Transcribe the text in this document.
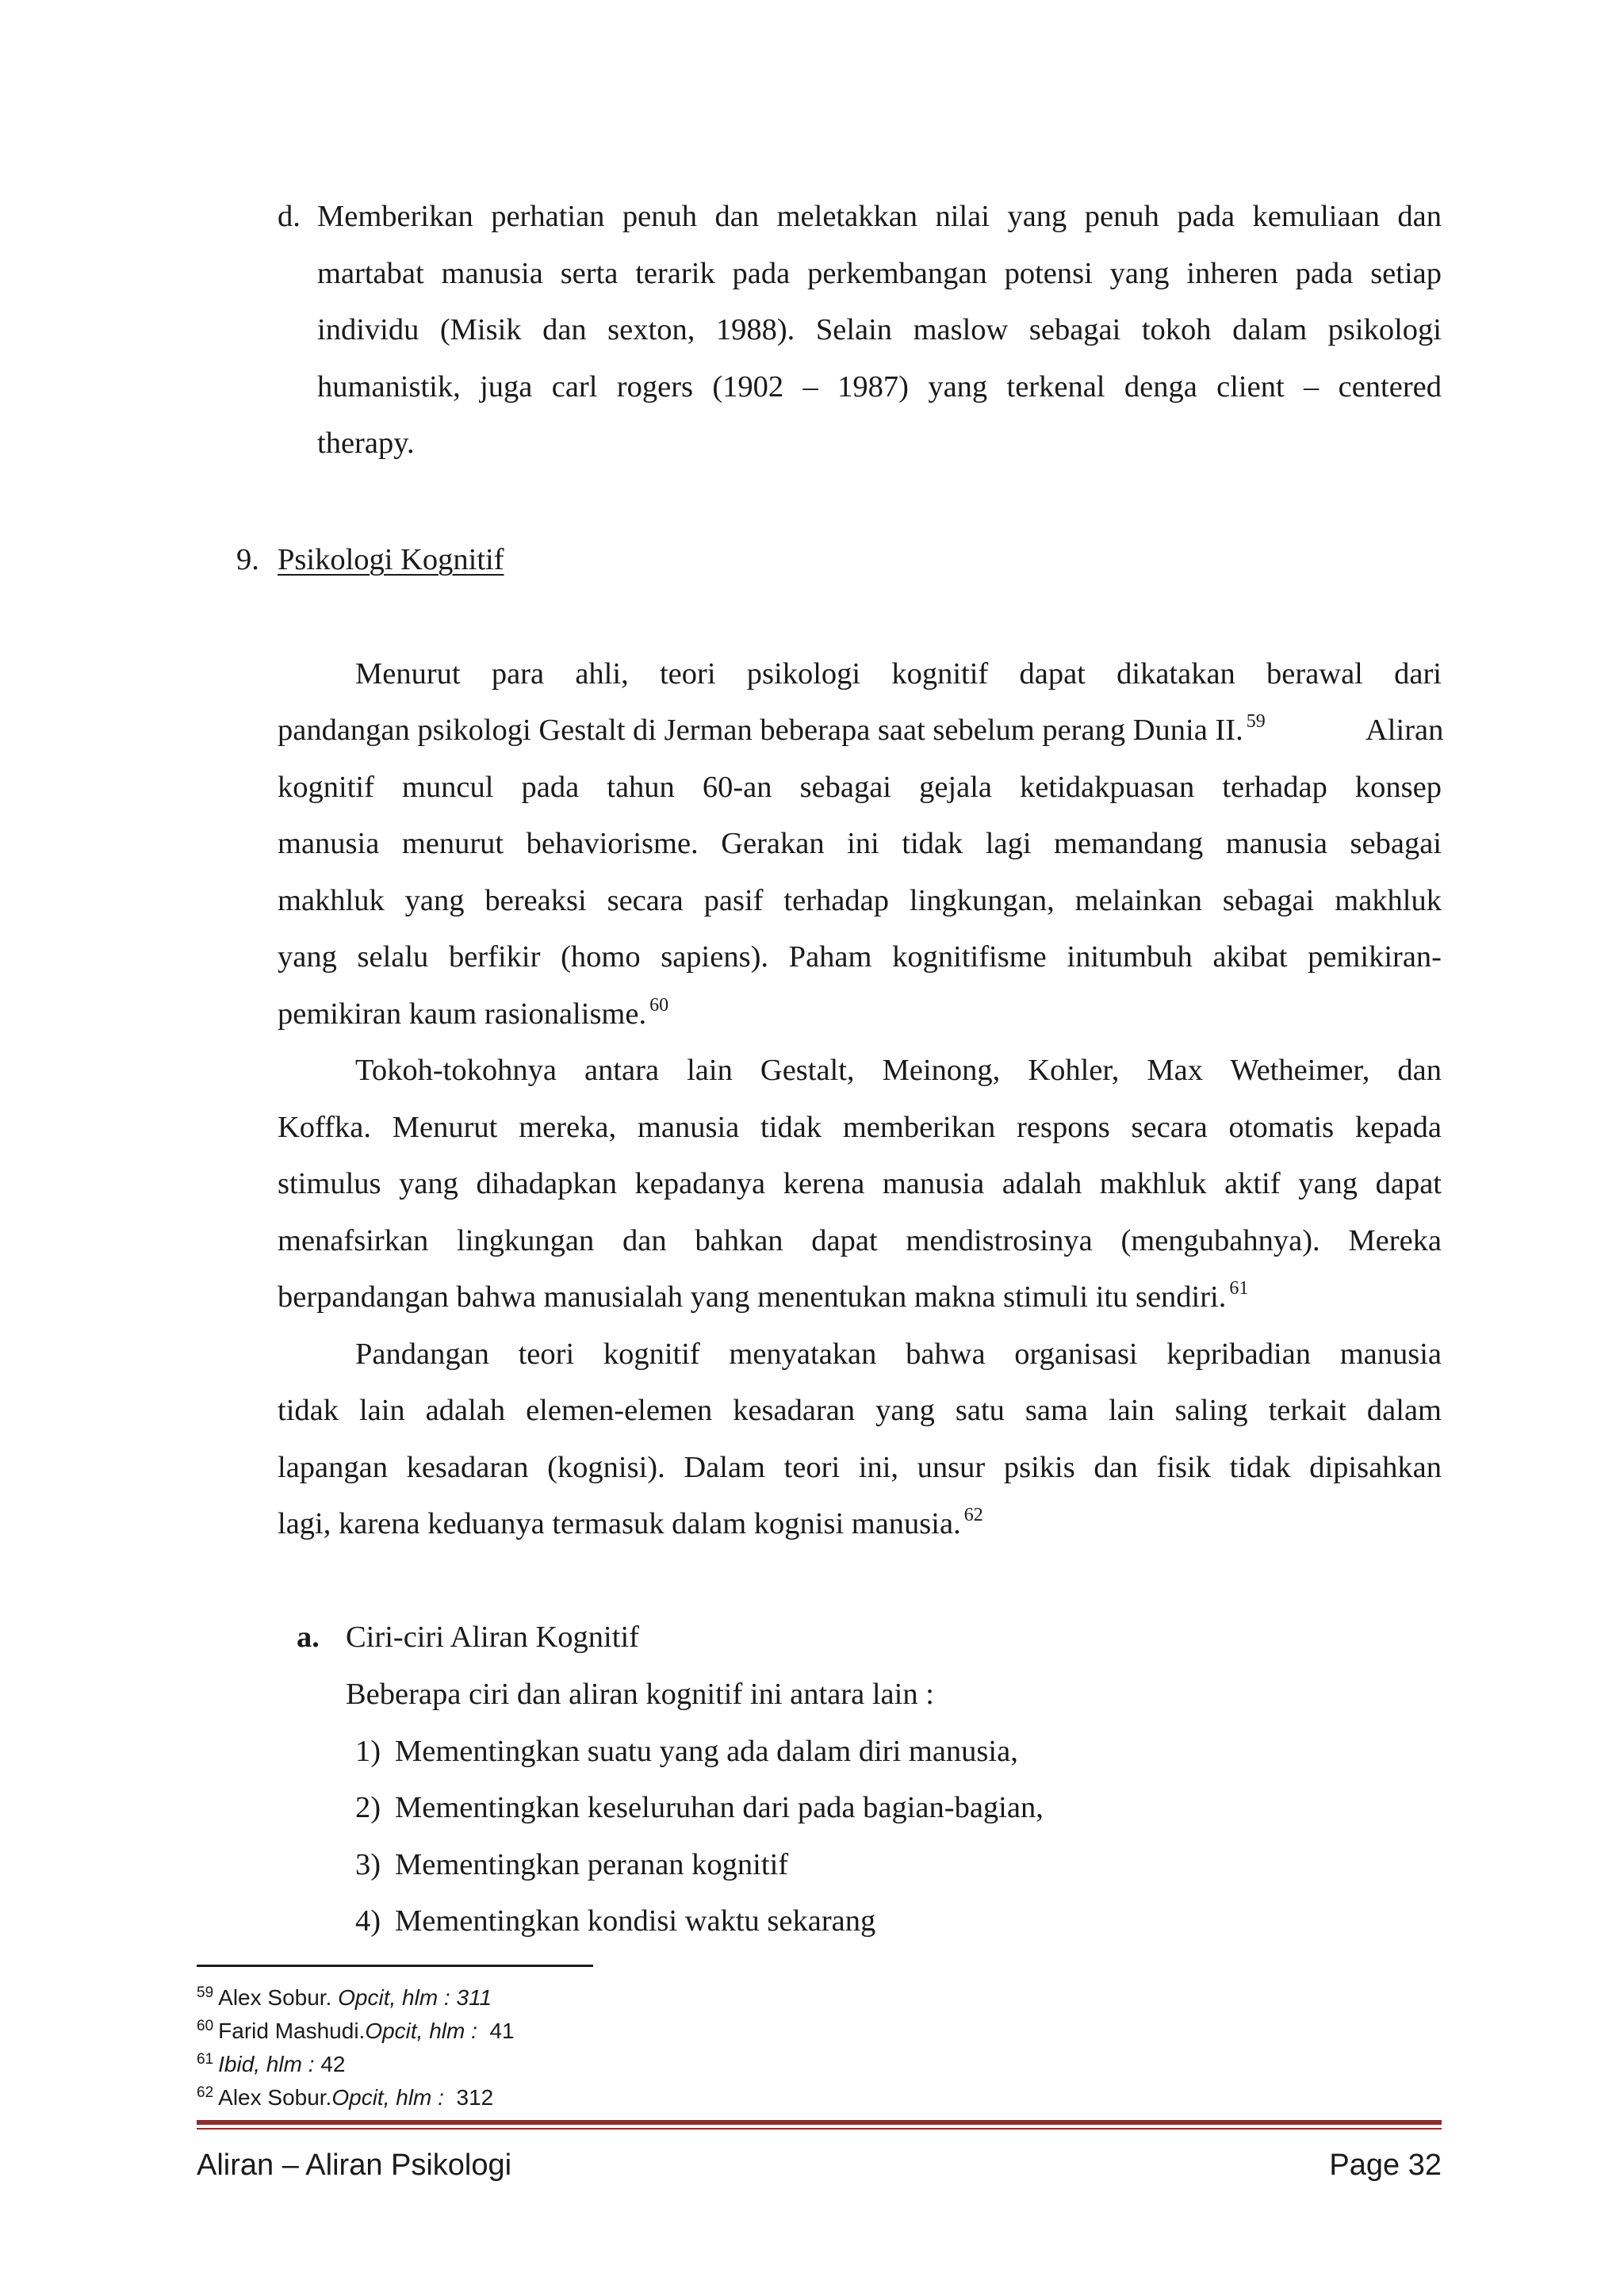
d. Memberikan perhatian penuh dan meletakkan nilai yang penuh pada kemuliaan dan
martabat manusia serta terarik pada perkembangan potensi yang inheren pada setiap
individu (Misik dan sexton, 1988). Selain maslow sebagai tokoh dalam psikologi
humanistik, juga carl rogers (1902 – 1987) yang terkenal denga client – centered
therapy.
9. Psikologi Kognitif
Menurut para ahli, teori psikologi kognitif dapat dikatakan berawal dari
pandangan psikologi Gestalt di Jerman beberapa saat sebelum perang Dunia II. $^{59}$	Aliran
kognitif muncul pada tahun 60-an sebagai gejala ketidakpuasan terhadap konsep
manusia menurut behaviorisme. Gerakan ini tidak lagi memandang manusia sebagai
makhluk yang bereaksi secara pasif terhadap lingkungan, melainkan sebagai makhluk
yang selalu berfikir (homo sapiens). Paham kognitifisme initumbuh akibat pemikiran-
pemikiran kaum rasionalisme. $^{60}$
Tokoh-tokohnya antara lain Gestalt, Meinong, Kohler, Max Wetheimer, dan
Koffka. Menurut mereka, manusia tidak memberikan respons secara otomatis kepada
stimulus yang dihadapkan kepadanya kerena manusia adalah makhluk aktif yang dapat
menafsirkan lingkungan dan bahkan dapat mendistrosinya (mengubahnya). Mereka
berpandangan bahwa manusialah yang menentukan makna stimuli itu sendiri. $^{61}$
Pandangan teori kognitif menyatakan bahwa organisasi kepribadian manusia
tidak lain adalah elemen-elemen kesadaran yang satu sama lain saling terkait dalam
lapangan kesadaran (kognisi). Dalam teori ini, unsur psikis dan fisik tidak dipisahkan
lagi, karena keduanya termasuk dalam kognisi manusia. $^{62}$
a. Ciri-ciri Aliran Kognitif
Beberapa ciri dan aliran kognitif ini antara lain :
1) Mementingkan suatu yang ada dalam diri manusia,
2) Mementingkan keseluruhan dari pada bagian-bagian,
3) Mementingkan peranan kognitif
4) Mementingkan kondisi waktu sekarang
$^{59}$ Alex Sobur. Opcit, hlm : 311
$^{60}$ Farid Mashudi.Opcit, hlm : 41
$^{61}$ Ibid, hlm : 42
$^{62}$ Alex Sobur.Opcit, hlm : 312
Aliran – Aliran Psikologi	Page 32
